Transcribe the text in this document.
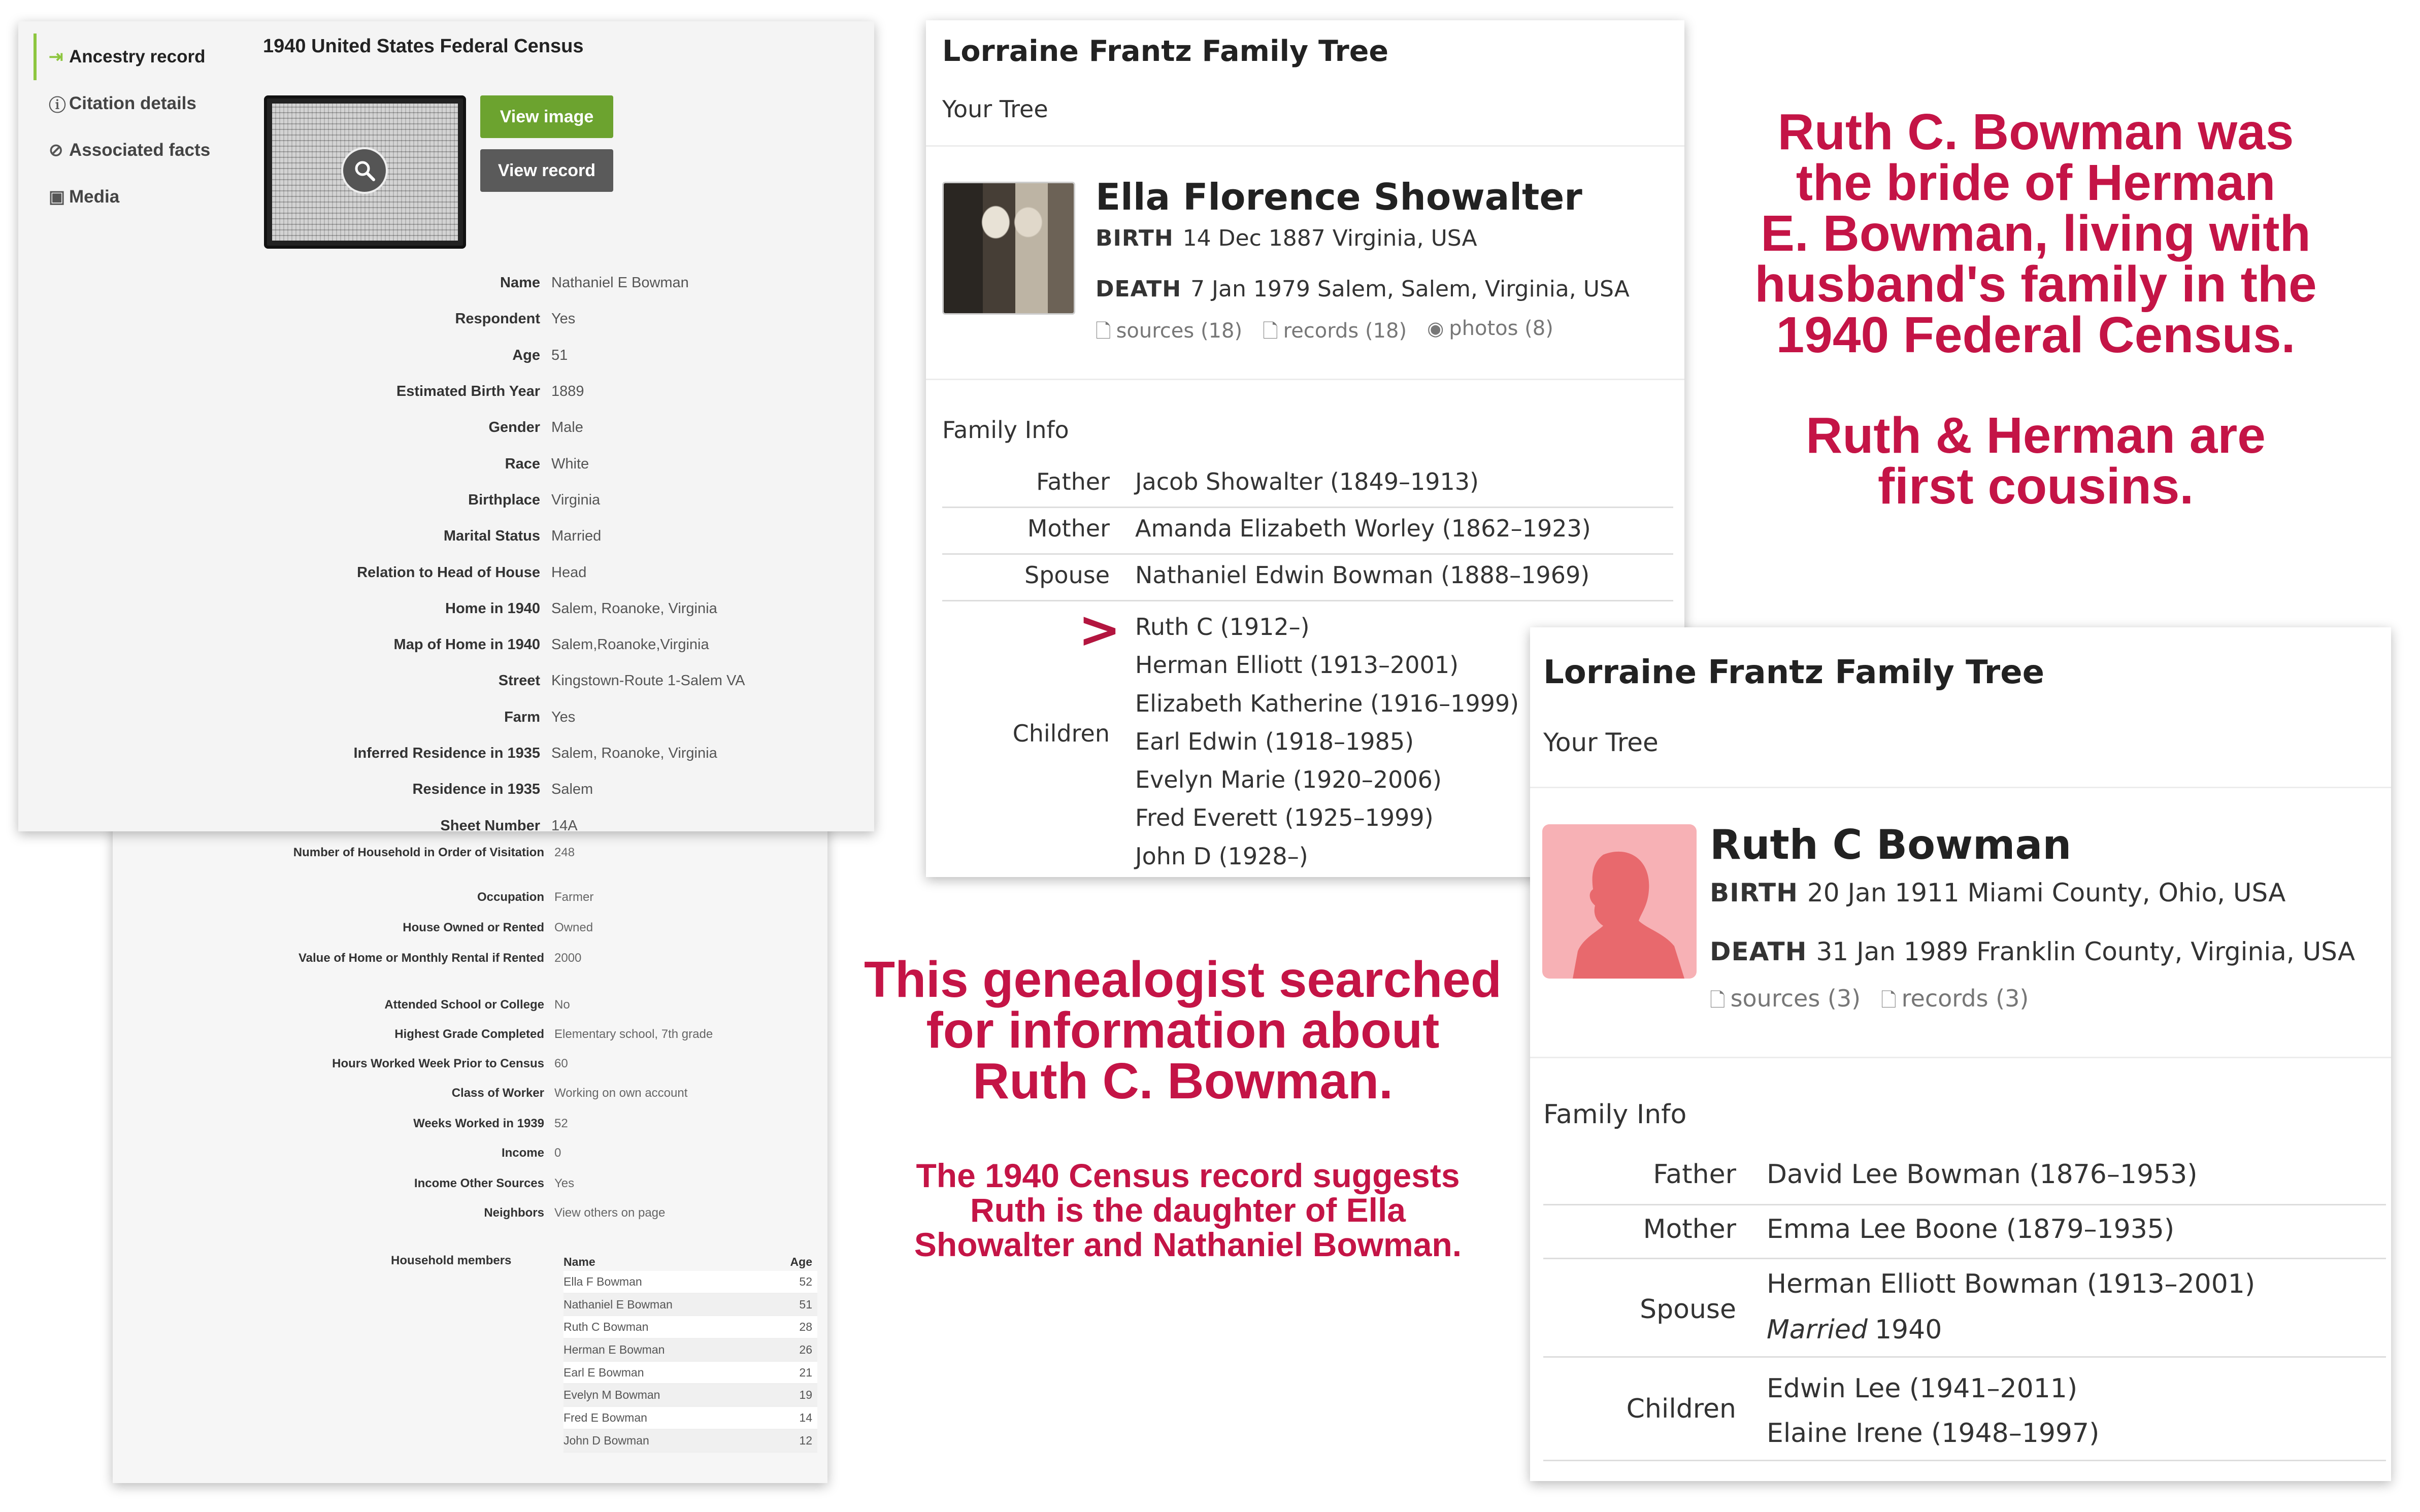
Number of Household in Order of Visitation 248
Occupation Farmer
House Owned or Rented Owned
Value of Home or Monthly Rental if Rented 2000
Attended School or College No
Highest Grade Completed Elementary school, 7th grade
Hours Worked Week Prior to Census 60
Class of Worker Working on own account
Weeks Worked in 1939 52
Income 0
Income Other Sources Yes
Neighbors View others on page
Household members	Name	Age
Ella F Bowman	52
Nathaniel E Bowman	51
Ruth C Bowman	28
Herman E Bowman	26
Earl E Bowman	21
Evelyn M Bowman	19
Fred E Bowman	14
John D Bowman	12
⇥ Ancestry record
ⓘ Citation details
⊘ Associated facts
▣ Media
1940 United States Federal Census
View image
View record
Name Nathaniel E Bowman
Respondent Yes
Age 51
Estimated Birth Year 1889
Gender Male
Race White
Birthplace Virginia
Marital Status Married
Relation to Head of House Head
Home in 1940 Salem, Roanoke, Virginia
Map of Home in 1940 Salem,Roanoke,Virginia
Street Kingstown-Route 1-Salem VA
Farm Yes
Inferred Residence in 1935 Salem, Roanoke, Virginia
Residence in 1935 Salem
Sheet Number 14A
Lorraine Frantz Family Tree
Your Tree
Ella Florence Showalter
BIRTH 14 Dec 1887 Virginia, USA
DEATH 7 Jan 1979 Salem, Salem, Virginia, USA
🗋 sources (18) 🗋 records (18) ◉ photos (8)
Family Info
Father Jacob Showalter (1849–1913)
Mother Amanda Elizabeth Worley (1862–1923)
Spouse Nathaniel Edwin Bowman (1888–1969)
>
Children
Ruth C (1912–)
Herman Elliott (1913–2001)
Elizabeth Katherine (1916–1999)
Earl Edwin (1918–1985)
Evelyn Marie (1920–2006)
Fred Everett (1925–1999)
John D (1928–)
Lorraine Frantz Family Tree
Your Tree
Ruth C Bowman
BIRTH 20 Jan 1911 Miami County, Ohio, USA
DEATH 31 Jan 1989 Franklin County, Virginia, USA
🗋 sources (3) 🗋 records (3)
Family Info
Father David Lee Bowman (1876–1953)
Mother Emma Lee Boone (1879–1935)
Herman Elliott Bowman (1913–2001)
Spouse
Married 1940
Children
Edwin Lee (1941–2011)
Elaine Irene (1948–1997)
Ruth C. Bowman was
the bride of Herman
E. Bowman, living with
husband's family in the
1940 Federal Census.
Ruth & Herman are
first cousins.
This genealogist searched
for information about
Ruth C. Bowman.
The 1940 Census record suggests
Ruth is the daughter of Ella
Showalter and Nathaniel Bowman.
